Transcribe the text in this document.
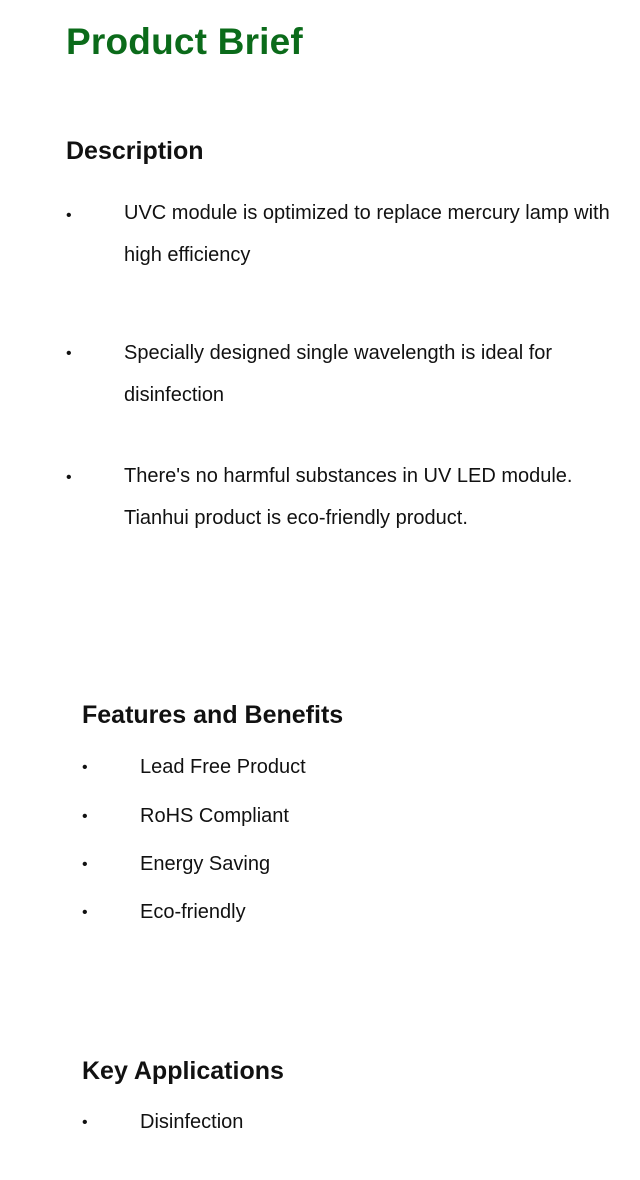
Product Brief
Description
•	UVC module is optimized to replace mercury lamp with high efficiency

•	Specially designed single wavelength is ideal for disinfection

•	There's no harmful substances in UV LED module. Tianhui product is eco-friendly product.

Features and Benefits
•	Lead Free Product

•	RoHS Compliant

•	Energy Saving

•	Eco-friendly

Key Applications
•	Disinfection
